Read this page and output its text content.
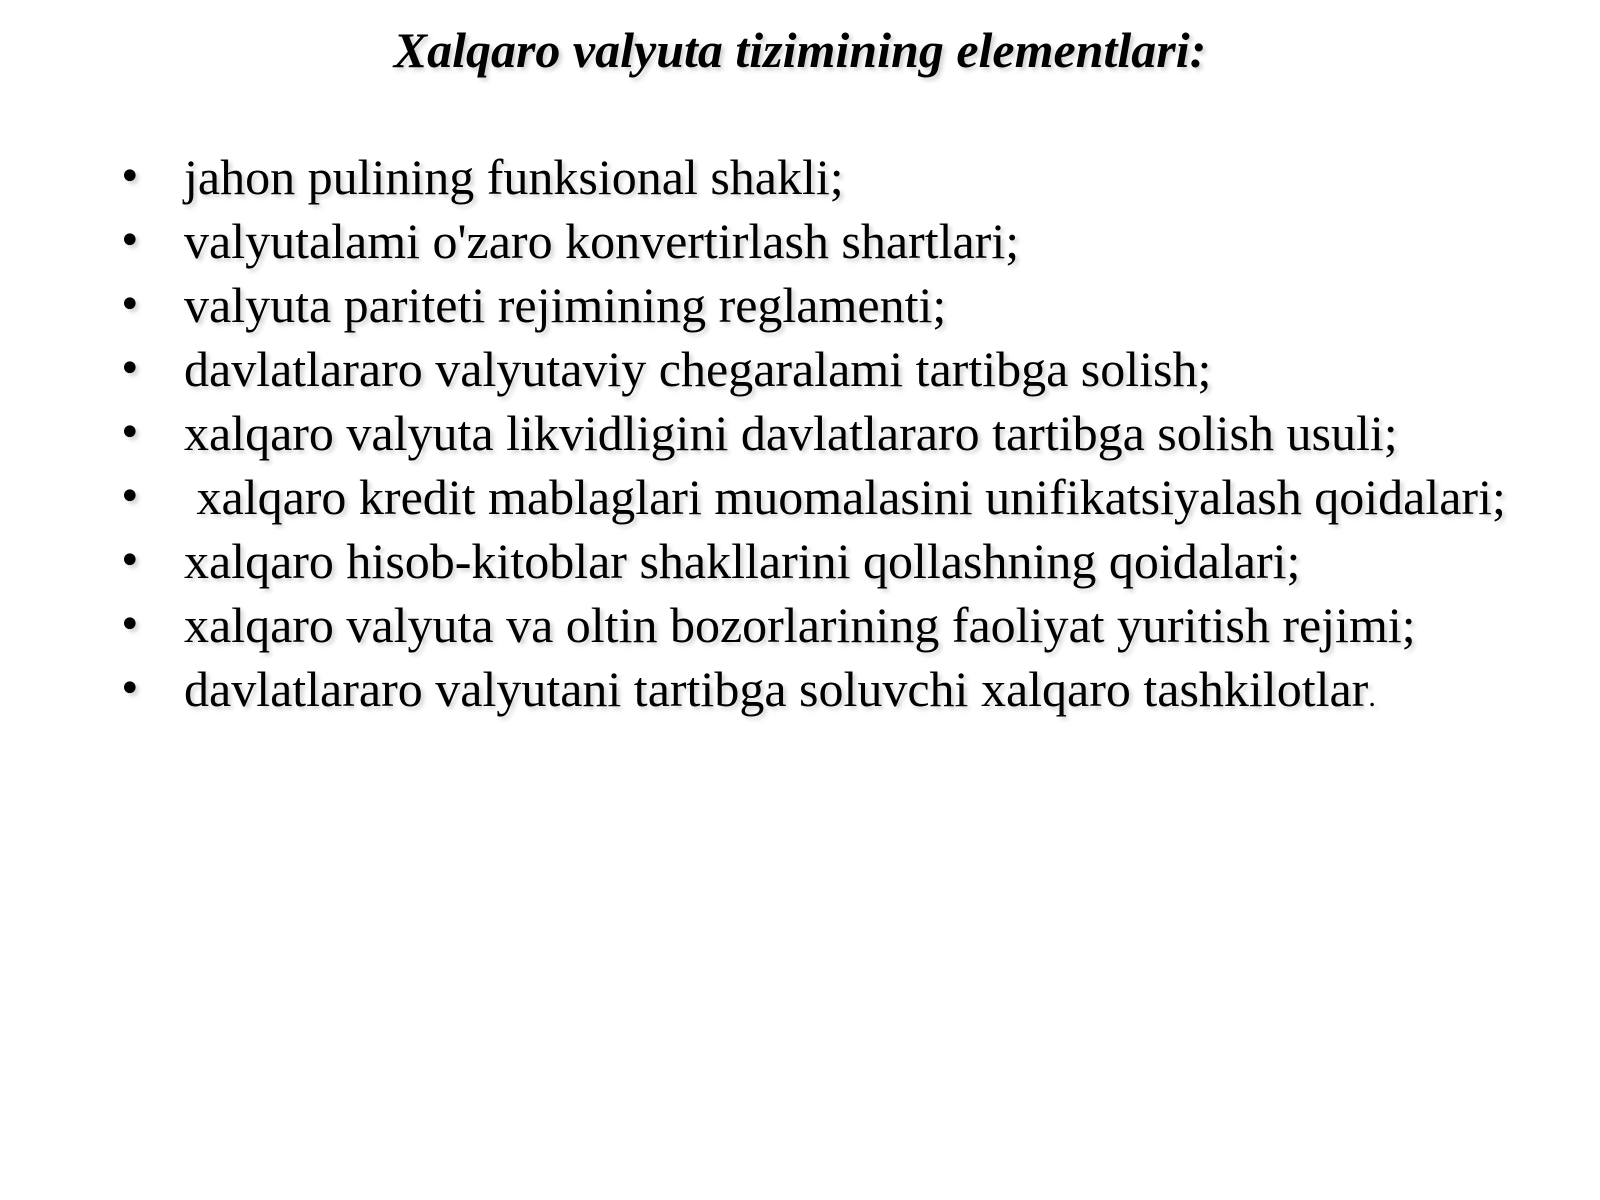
Xalqaro valyuta tizimining elementlari:
• jahon pulining funksional shakli;
• valyutalami o'zaro konvertirlash shartlari;
• valyuta pariteti rejimining reglamenti;
• davlatlararo valyutaviy chegaralami tartibga solish;
• xalqaro valyuta likvidligini davlatlararo tartibga solish usuli;
• xalqaro kredit mablaglari muomalasini unifikatsiyalash qoidalari;
• xalqaro hisob-kitoblar shakllarini qollashning qoidalari;
• xalqaro valyuta va oltin bozorlarining faoliyat yuritish rejimi;
• davlatlararo valyutani tartibga soluvchi xalqaro tashkilotlar.
